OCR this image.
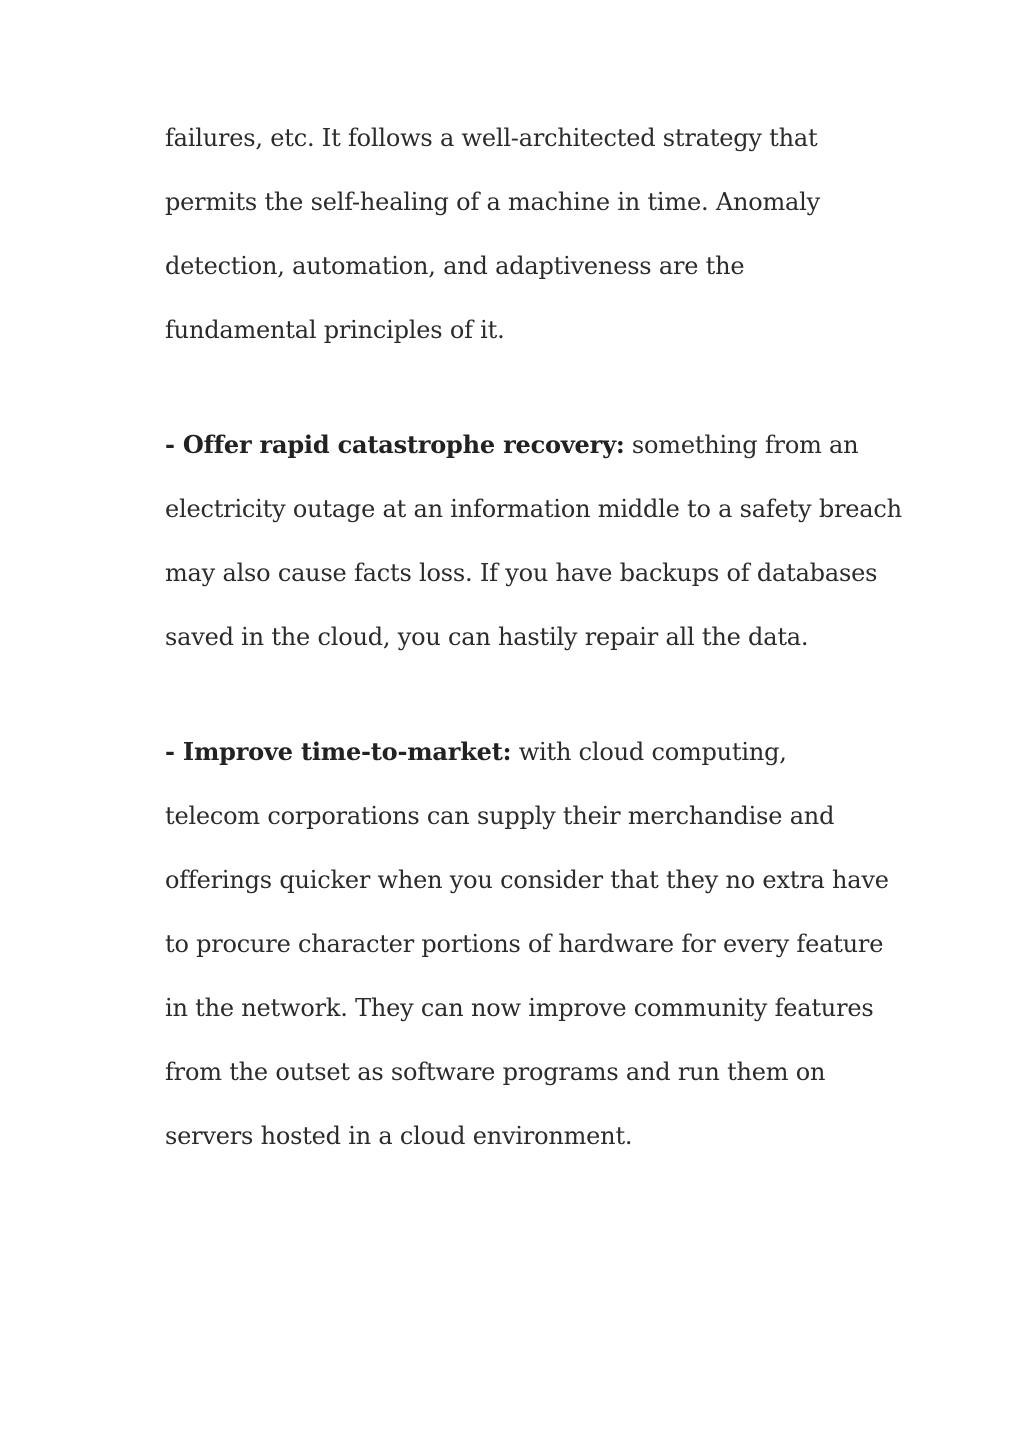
failures, etc. It follows a well-architected strategy that
permits the self-healing of a machine in time. Anomaly
detection, automation, and adaptiveness are the
fundamental principles of it.
- Offer rapid catastrophe recovery: something from an
electricity outage at an information middle to a safety breach
may also cause facts loss. If you have backups of databases
saved in the cloud, you can hastily repair all the data.
- Improve time-to-market: with cloud computing,
telecom corporations can supply their merchandise and
offerings quicker when you consider that they no extra have
to procure character portions of hardware for every feature
in the network. They can now improve community features
from the outset as software programs and run them on
servers hosted in a cloud environment.
